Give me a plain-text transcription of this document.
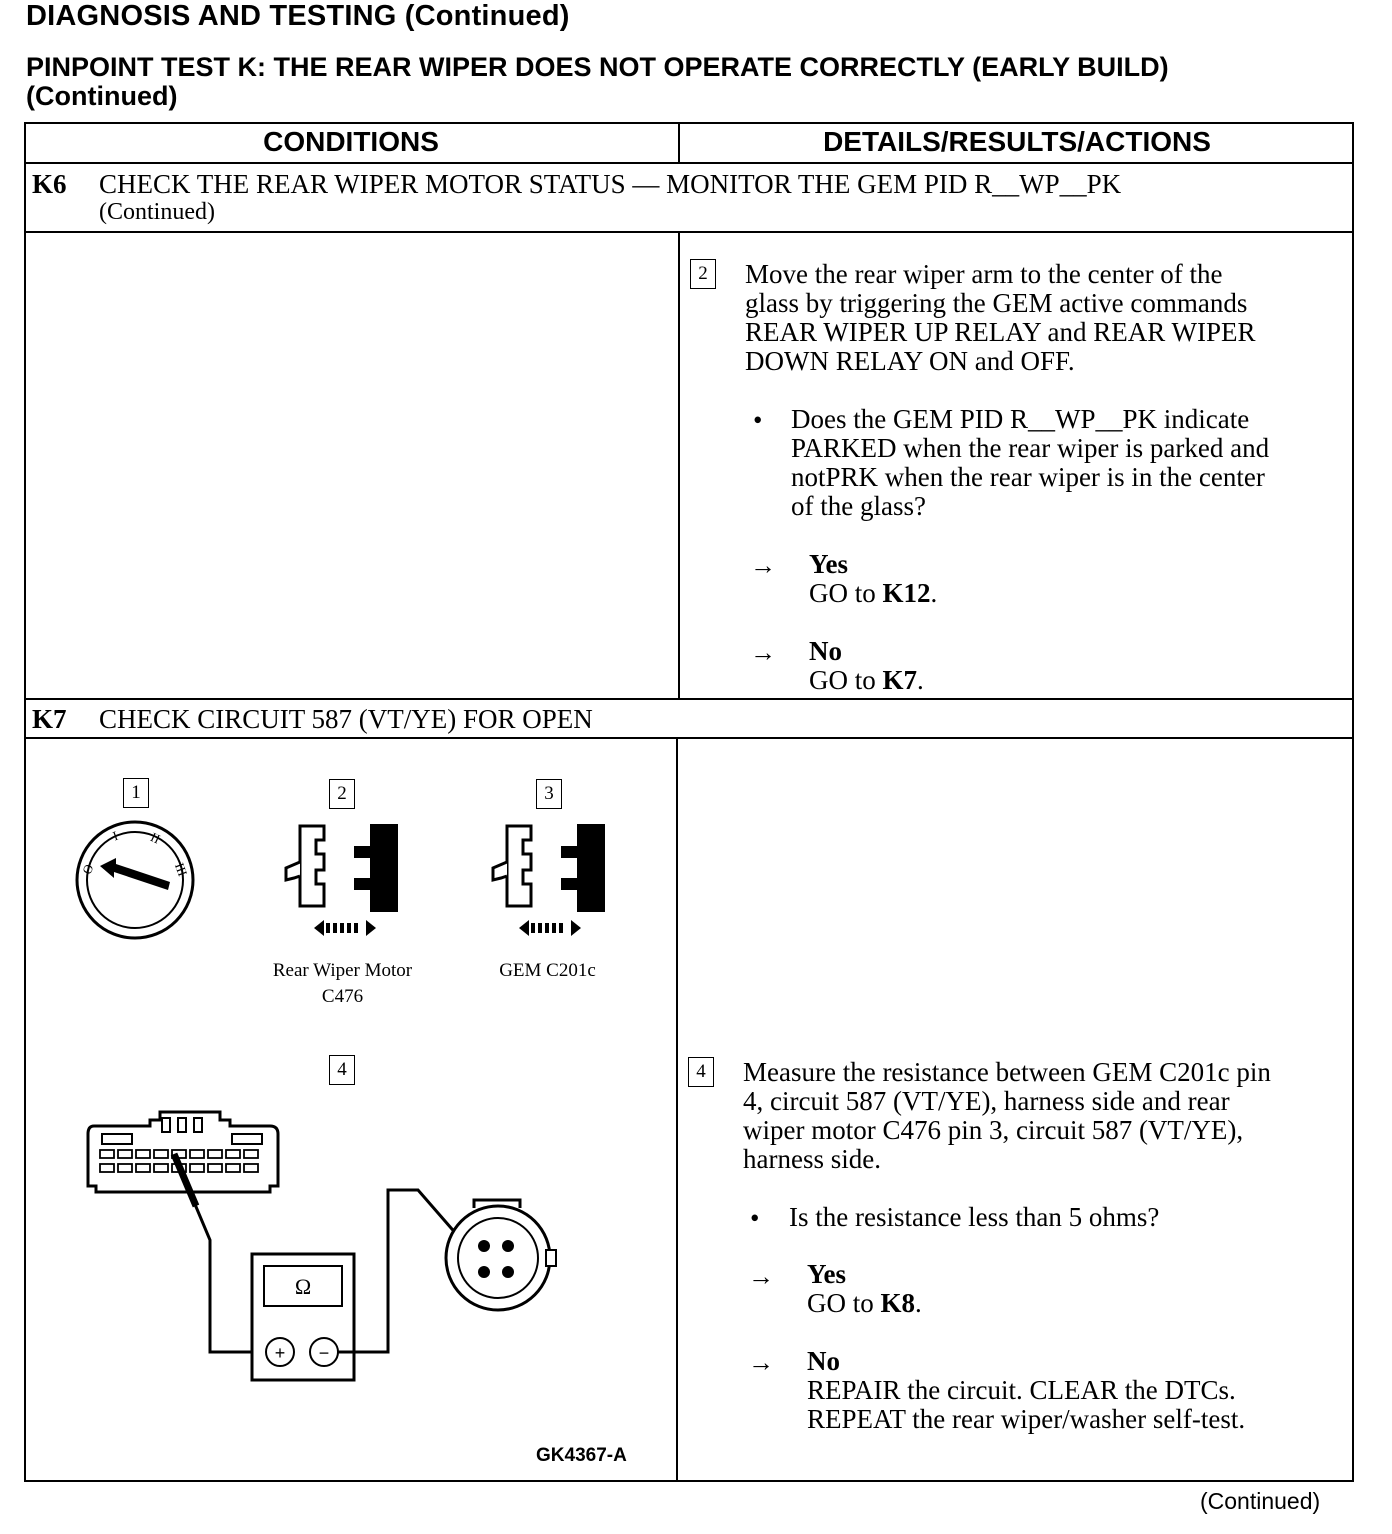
DIAGNOSIS AND TESTING (Continued)
PINPOINT TEST K: THE REAR WIPER DOES NOT OPERATE CORRECTLY (EARLY BUILD)
(Continued)
CONDITIONS	DETAILS/RESULTS/ACTIONS
K6 CHECK THE REAR WIPER MOTOR STATUS — MONITOR THE GEM PID R__WP__PK
(Continued)
2	Move the rear wiper arm to the center of the
glass by triggering the GEM active commands
REAR WIPER UP RELAY and REAR WIPER
DOWN RELAY ON and OFF.
• Does the GEM PID R__WP__PK indicate
PARKED when the rear wiper is parked and
notPRK when the rear wiper is in the center
of the glass?
→ Yes
GO to K12.
→ No
GO to K7.
K7 CHECK CIRCUIT 587 (VT/YE) FOR OPEN
1	2	3
4
O
I II
III
Rear Wiper Motor
C476
GEM C201c
Ω
+ −
GK4367-A
4	Measure the resistance between GEM C201c pin
4, circuit 587 (VT/YE), harness side and rear
wiper motor C476 pin 3, circuit 587 (VT/YE),
harness side.
• Is the resistance less than 5 ohms?
→ Yes
GO to K8.
→ No
REPAIR the circuit. CLEAR the DTCs.
REPEAT the rear wiper/washer self-test.
(Continued)
